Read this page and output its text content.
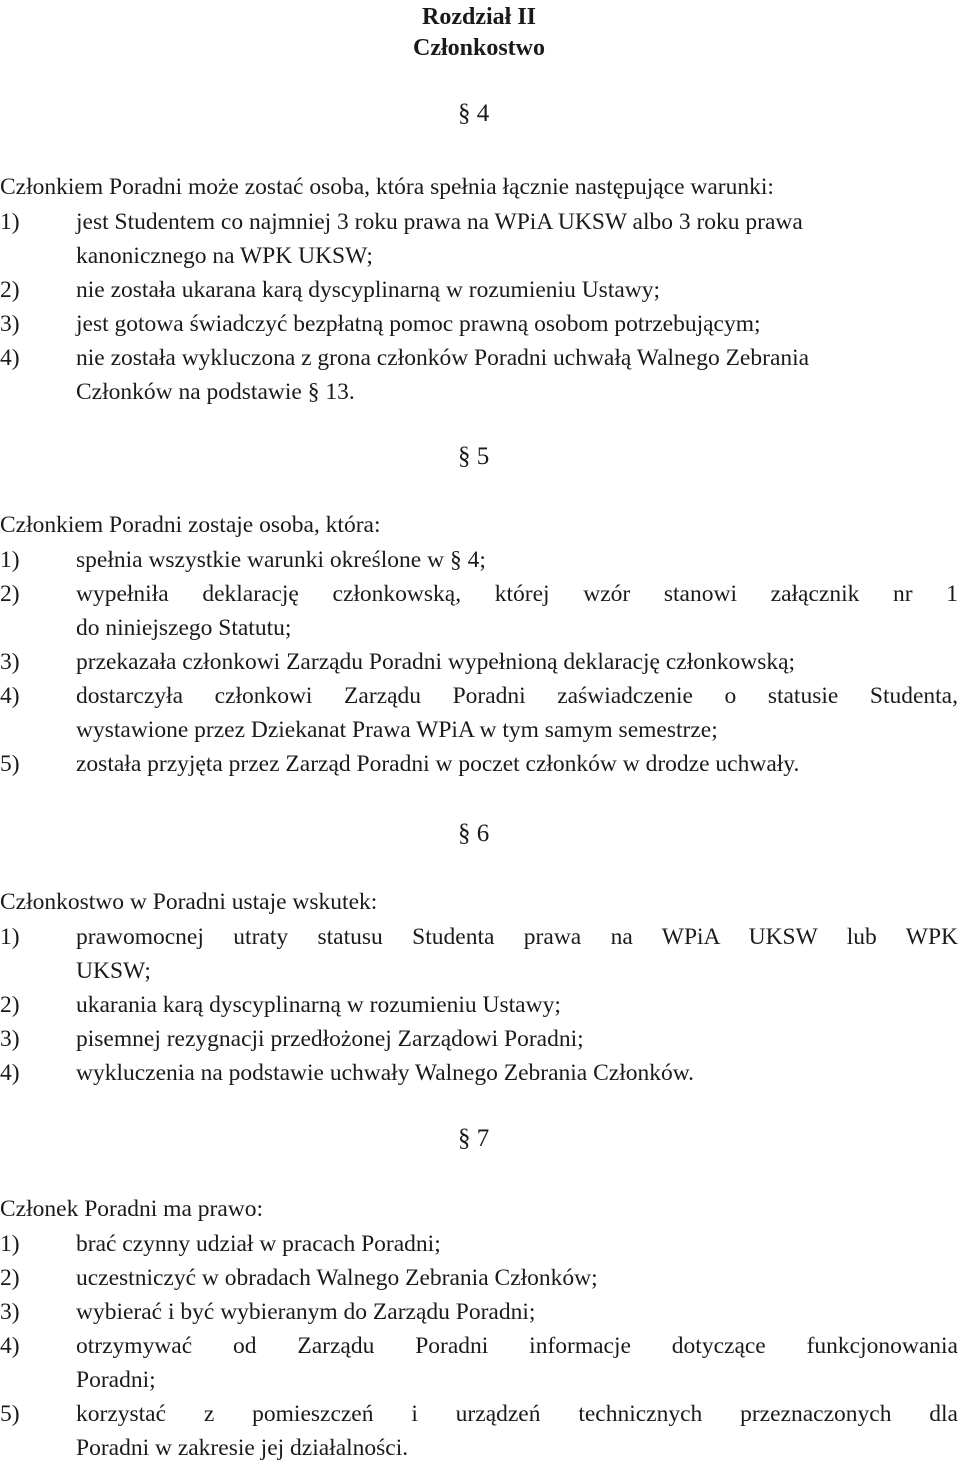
Rozdział II
Członkostwo
§ 4
Członkiem Poradni może zostać osoba, która spełnia łącznie następujące warunki:
1) jest Studentem co najmniej 3 roku prawa na WPiA UKSW albo 3 roku prawa
kanonicznego na WPK UKSW;
2) nie została ukarana karą dyscyplinarną w rozumieniu Ustawy;
3) jest gotowa świadczyć bezpłatną pomoc prawną osobom potrzebującym;
4) nie została wykluczona z grona członków Poradni uchwałą Walnego Zebrania
Członków na podstawie § 13.
§ 5
Członkiem Poradni zostaje osoba, która:
1) spełnia wszystkie warunki określone w § 4;
2) wypełniła deklarację członkowską, której wzór stanowi załącznik nr 1
do niniejszego Statutu;
3) przekazała członkowi Zarządu Poradni wypełnioną deklarację członkowską;
4) dostarczyła członkowi Zarządu Poradni zaświadczenie o statusie Studenta,
wystawione przez Dziekanat Prawa WPiA w tym samym semestrze;
5) została przyjęta przez Zarząd Poradni w poczet członków w drodze uchwały.
§ 6
Członkostwo w Poradni ustaje wskutek:
1) prawomocnej utraty statusu Studenta prawa na WPiA UKSW lub WPK
UKSW;
2) ukarania karą dyscyplinarną w rozumieniu Ustawy;
3) pisemnej rezygnacji przedłożonej Zarządowi Poradni;
4) wykluczenia na podstawie uchwały Walnego Zebrania Członków.
§ 7
Członek Poradni ma prawo:
1) brać czynny udział w pracach Poradni;
2) uczestniczyć w obradach Walnego Zebrania Członków;
3) wybierać i być wybieranym do Zarządu Poradni;
4) otrzymywać od Zarządu Poradni informacje dotyczące funkcjonowania
Poradni;
5) korzystać z pomieszczeń i urządzeń technicznych przeznaczonych dla
Poradni w zakresie jej działalności.
